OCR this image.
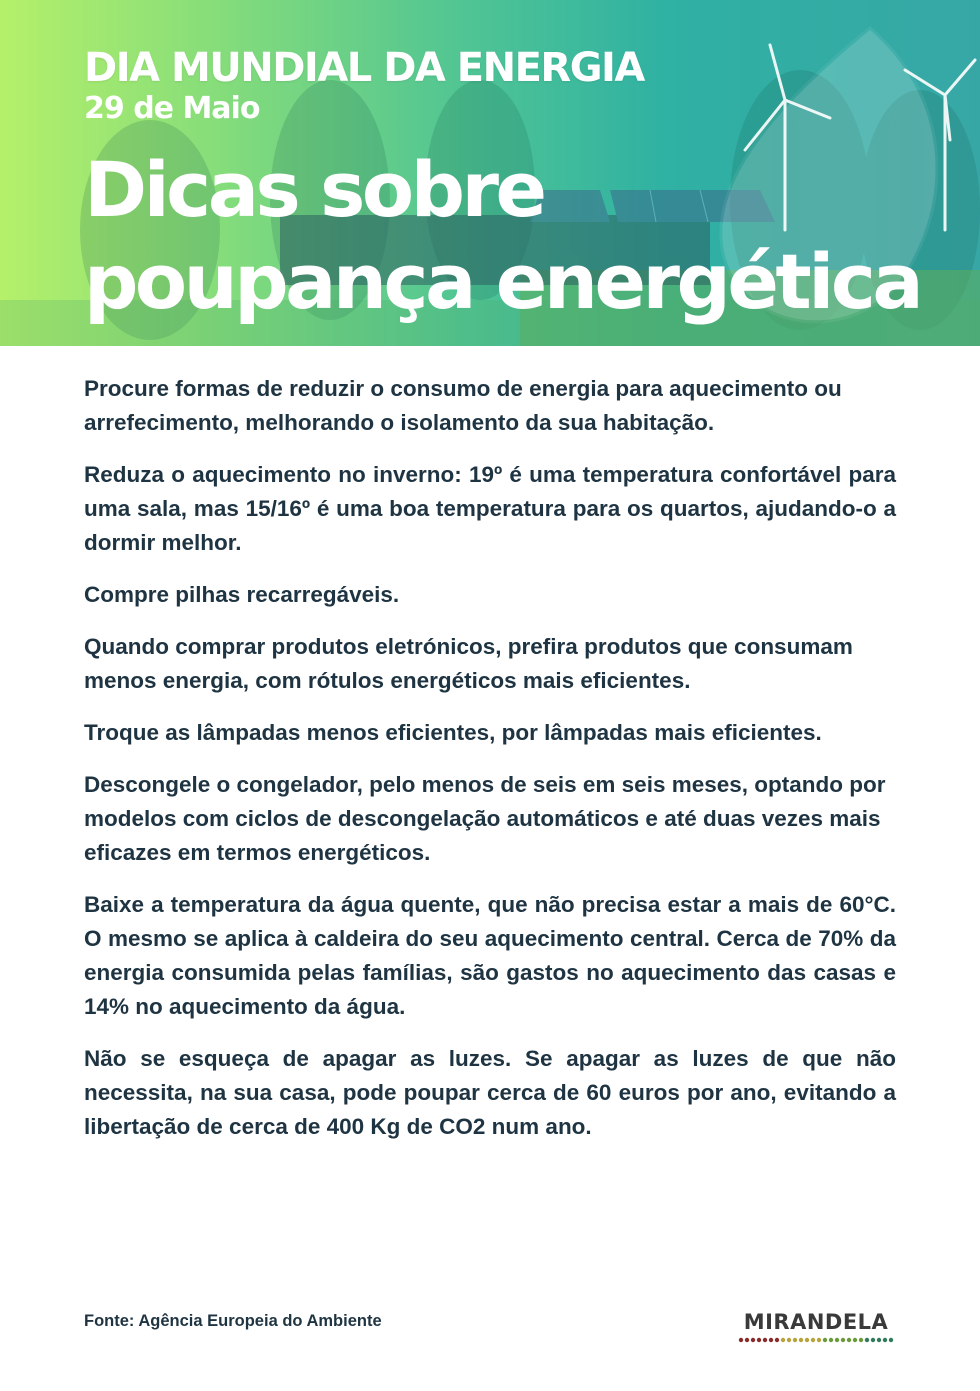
DIA MUNDIAL DA ENERGIA
29 de Maio
Dicas sobre
poupança energética

Procure formas de reduzir o consumo de energia para aquecimento ou arrefecimento, melhorando o isolamento da sua habitação.

Reduza o aquecimento no inverno: 19º é uma temperatura confortável para uma sala, mas 15/16º é uma boa temperatura para os quartos, ajudando-o a dormir melhor.

Compre pilhas recarregáveis.

Quando comprar produtos eletrónicos, prefira produtos que consumam menos energia, com rótulos energéticos mais eficientes.

Troque as lâmpadas menos eficientes, por lâmpadas mais eficientes.

Descongele o congelador, pelo menos de seis em seis meses, optando por modelos com ciclos de descongelação automáticos e até duas vezes mais eficazes em termos energéticos.

Baixe a temperatura da água quente, que não precisa estar a mais de 60°C. O mesmo se aplica à caldeira do seu aquecimento central. Cerca de 70% da energia consumida pelas famílias, são gastos no aquecimento das casas e 14% no aquecimento da água.

Não se esqueça de apagar as luzes. Se apagar as luzes de que não necessita, na sua casa, pode poupar cerca de 60 euros por ano, evitando a libertação de cerca de 400 Kg de CO2 num ano.

Fonte: Agência Europeia do Ambiente	MIRANDELA
